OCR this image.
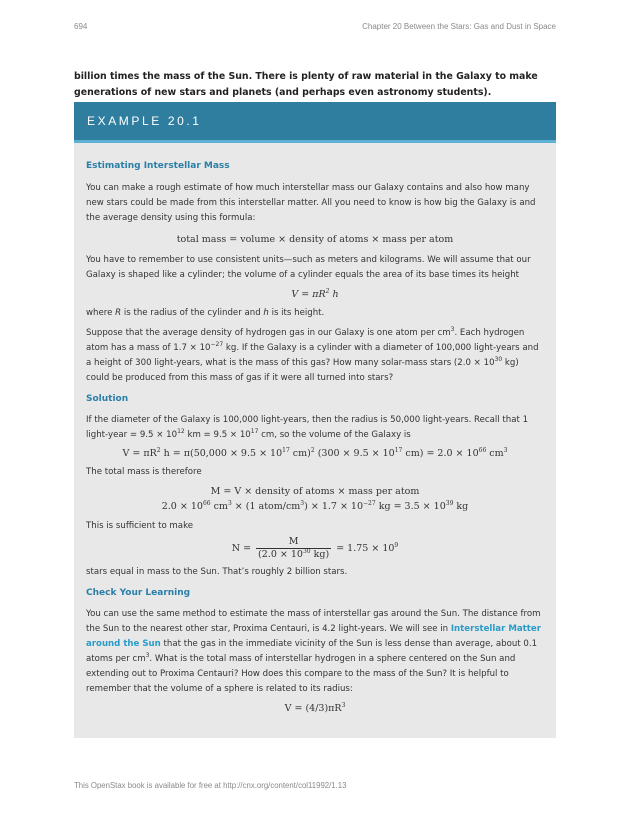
694	Chapter 20 Between the Stars: Gas and Dust in Space

billion times the mass of the Sun. There is plenty of raw material in the Galaxy to make generations of new stars and planets (and perhaps even astronomy students).

EXAMPLE 20.1

Estimating Interstellar Mass

You can make a rough estimate of how much interstellar mass our Galaxy contains and also how many new stars could be made from this interstellar matter. All you need to know is how big the Galaxy is and the average density using this formula:

total mass = volume × density of atoms × mass per atom

You have to remember to use consistent units—such as meters and kilograms. We will assume that our Galaxy is shaped like a cylinder; the volume of a cylinder equals the area of its base times its height

$V = \pi R^2$ h

where R is the radius of the cylinder and h is its height.

Suppose that the average density of hydrogen gas in our Galaxy is one atom per $cm^3$. Each hydrogen atom has a mass of $1.7 \times 10^{-27}$ kg. If the Galaxy is a cylinder with a diameter of 100,000 light-years and a height of 300 light-years, what is the mass of this gas? How many solar-mass stars ($2.0 \times 10^{30}$ kg) could be produced from this mass of gas if it were all turned into stars?

Solution

If the diameter of the Galaxy is 100,000 light-years, then the radius is 50,000 light-years. Recall that 1 light-year = $9.5 \times 10^{12}$ km = $9.5 \times 10^{17}$ cm, so the volume of the Galaxy is

$V = \pi R^2$ $h = \pi(50,000 \times 9.5 \times 10^{17}$ cm)$^2$ ($300 \times 9.5 \times 10^{17}$ $cm) = 2.0 \times 10^{66}$ $cm^3$

The total mass is therefore

M = V × density of atoms × mass per atom

$2.0 \times 10^{66}$ $cm^3 \times (1$ atom/$cm^3) \times 1.7 \times 10^{-27}$ kg = $3.5 \times 10^{39}$ kg

This is sufficient to make

$N = \frac{M}{(2.0 \times 10^{30} kg)} = 1.75 \times 10^9$

stars equal in mass to the Sun. That’s roughly 2 billion stars.

Check Your Learning

You can use the same method to estimate the mass of interstellar gas around the Sun. The distance from the Sun to the nearest other star, Proxima Centauri, is 4.2 light-years. We will see in Interstellar Matter around the Sun that the gas in the immediate vicinity of the Sun is less dense than average, about 0.1 atoms per $cm^3$. What is the total mass of interstellar hydrogen in a sphere centered on the Sun and extending out to Proxima Centauri? How does this compare to the mass of the Sun? It is helpful to remember that the volume of a sphere is related to its radius:

$V = (4/3)\pi R^3$

This OpenStax book is available for free at http://cnx.org/content/col11992/1.13
